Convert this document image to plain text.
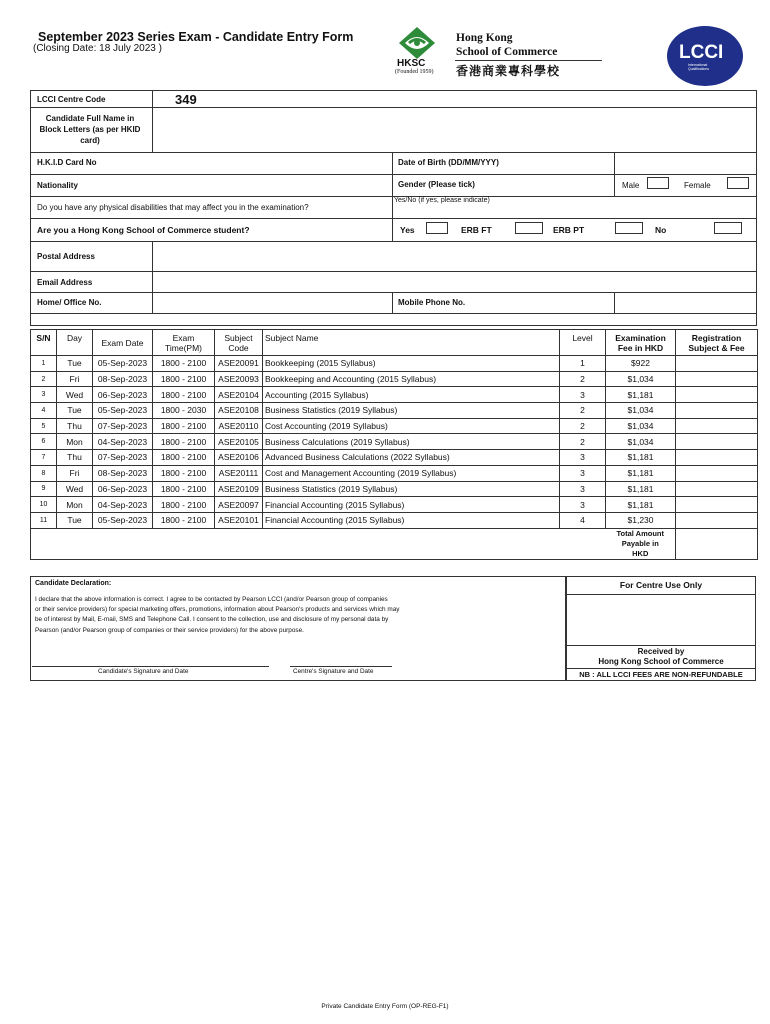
September 2023 Series Exam - Candidate Entry Form
(Closing Date: 18 July 2023 )
HKSC
(Founded 1959)
Hong Kong
School of Commerce
香港商業專科學校
LCCI
International Qualifications
LCCI Centre Code	349
Candidate Full Name in Block Letters (as per HKID card)
H.K.I.D Card No	Date of Birth (DD/MM/YYY)
Nationality	Gender (Please tick)	Male	Female
Do you have any physical disabilities that may affect you in the examination?
Yes/No (if yes, please indicate)
Are you a Hong Kong School of Commerce student?	Yes	ERB FT	ERB PT	No
Postal Address
Email Address
Home/ Office No.	Mobile Phone No.
S/N	Day	Exam Date	Exam Time(PM)	Subject Code	Subject Name	Level	Examination Fee in HKD	Registration Subject & Fee
1	Tue	05-Sep-2023	1800 - 2100	ASE20091	Bookkeeping (2015 Syllabus)	1	$922	
2	Fri	08-Sep-2023	1800 - 2100	ASE20093	Bookkeeping and Accounting (2015 Syllabus)	2	$1,034	
3	Wed	06-Sep-2023	1800 - 2100	ASE20104	Accounting (2015 Syllabus)	3	$1,181	
4	Tue	05-Sep-2023	1800 - 2030	ASE20108	Business Statistics (2019 Syllabus)	2	$1,034	
5	Thu	07-Sep-2023	1800 - 2100	ASE20110	Cost Accounting (2019 Syllabus)	2	$1,034	
6	Mon	04-Sep-2023	1800 - 2100	ASE20105	Business Calculations (2019 Syllabus)	2	$1,034	
7	Thu	07-Sep-2023	1800 - 2100	ASE20106	Advanced Business Calculations (2022 Syllabus)	3	$1,181	
8	Fri	08-Sep-2023	1800 - 2100	ASE20111	Cost and Management Accounting (2019 Syllabus)	3	$1,181	
9	Wed	06-Sep-2023	1800 - 2100	ASE20109	Business Statistics (2019 Syllabus)	3	$1,181	
10	Mon	04-Sep-2023	1800 - 2100	ASE20097	Financial Accounting (2015 Syllabus)	3	$1,181	
11	Tue	05-Sep-2023	1800 - 2100	ASE20101	Financial Accounting (2015 Syllabus)	4	$1,230	
							Total Amount Payable in
HKD	
Candidate Declaration:
I declare that the above information is correct. I agree to be contacted by Pearson LCCI (and/or Pearson group of companies
or their service providers) for special marketing offers, promotions, information about Pearson's products and services which may
be of interest by Mail, E-mail, SMS and Telephone Call. I consent to the collection, use and disclosure of my personal data by
Pearson (and/or Pearson group of companies or their service providers) for the above purpose.
Candidate's Signature and Date	Centre's Signature and Date
For Centre Use Only
Received by
Hong Kong School of Commerce
NB : ALL LCCI FEES ARE NON-REFUNDABLE
Private Candidate Entry Form (OP-REG-F1)
